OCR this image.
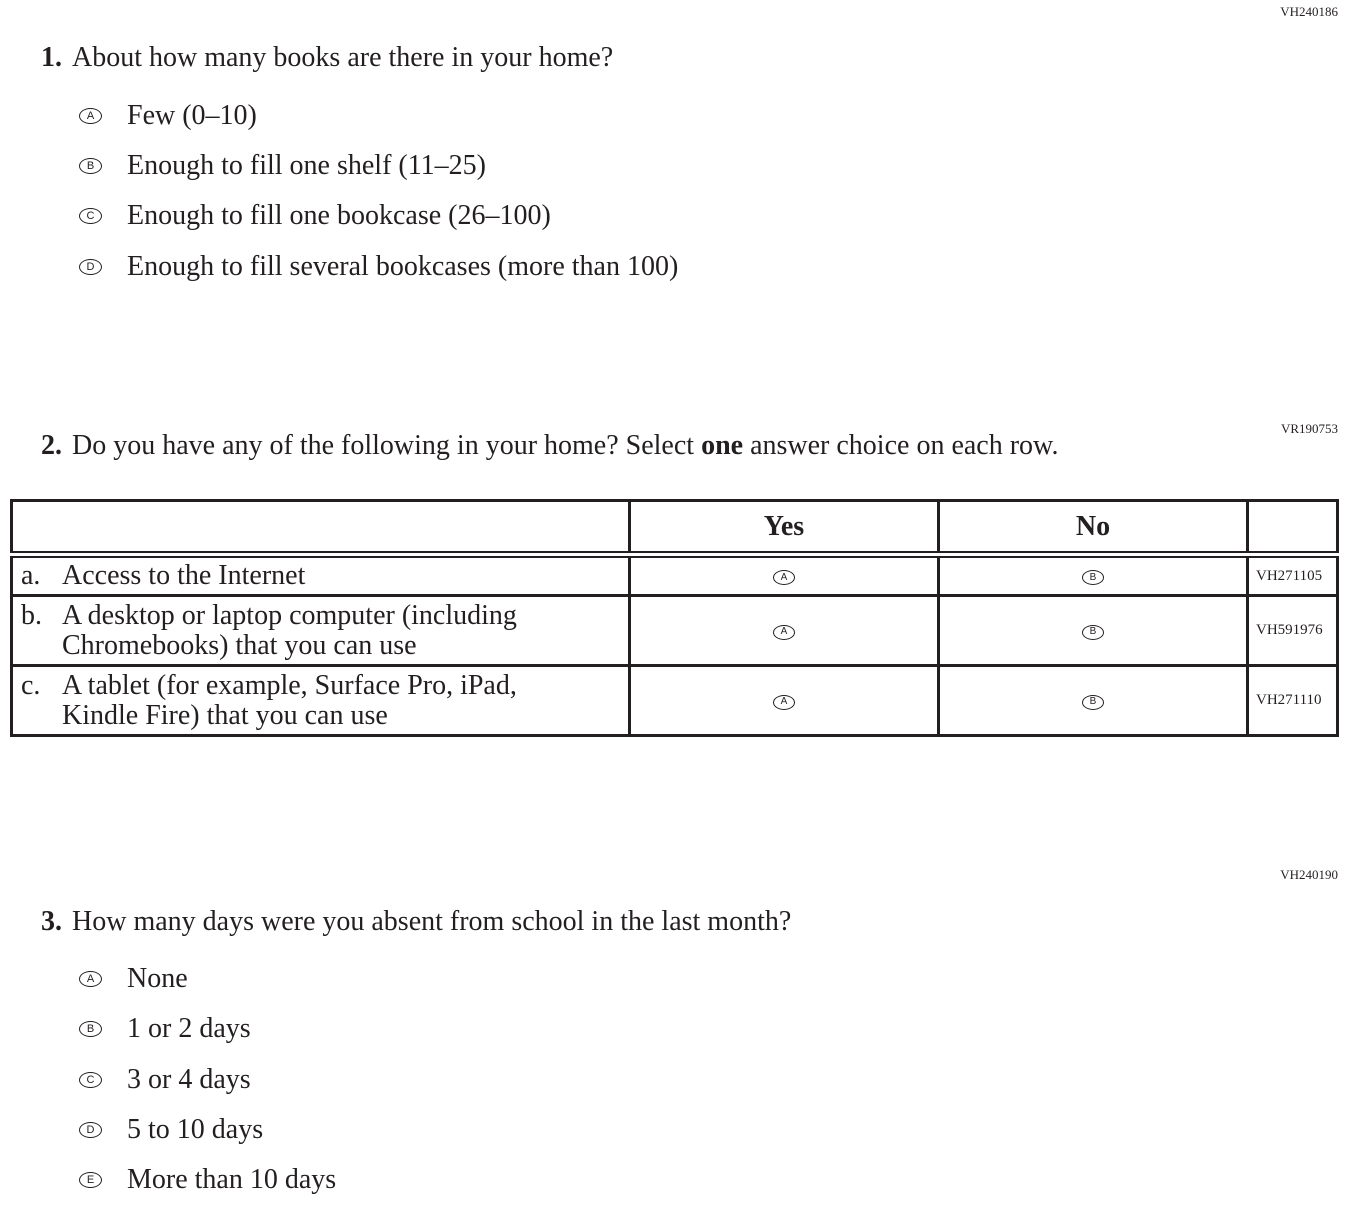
VH240186
1. About how many books are there in your home?
A Few (0–10)
B Enough to fill one shelf (11–25)
C Enough to fill one bookcase (26–100)
D Enough to fill several bookcases (more than 100)
VR190753
2. Do you have any of the following in your home? Select one answer choice on each row.
	Yes	No	

a. Access to the Internet	A	B	VH271105

b. A desktop or laptop computer (including
Chromebooks) that you can use	A	B	VH591976

c. A tablet (for example, Surface Pro, iPad,
Kindle Fire) that you can use	A	B	VH271110
VH240190
3. How many days were you absent from school in the last month?
A None
B 1 or 2 days
C 3 or 4 days
D 5 to 10 days
E More than 10 days
